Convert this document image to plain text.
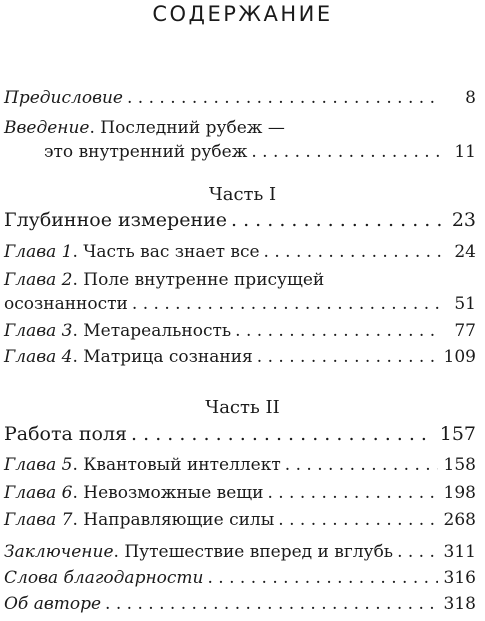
СОДЕРЖАНИЕ
Предисловие . . .	8
Введение. Последний рубеж —
это внутренний рубеж . . .	11
Часть I
Глубинное измерение . . .	23
Глава 1 . Часть вас знает все . . .	24
Глава 2. Поле внутренне присущей
осознанности . . .	51
Глава 3 . Метареальность . . .	77
Глава 4 . Матрица сознания . . .	109
Часть II
Работа поля . . .	157
Глава 5 . Квантовый интеллект . . .	158
Глава 6 . Невозможные вещи . . .	198
Глава 7 . Направляющие силы . . .	268
Заключение . Путешествие вперед и вглубь . . .	311
Слова благодарности . . .	316
Об авторе . . .	318
